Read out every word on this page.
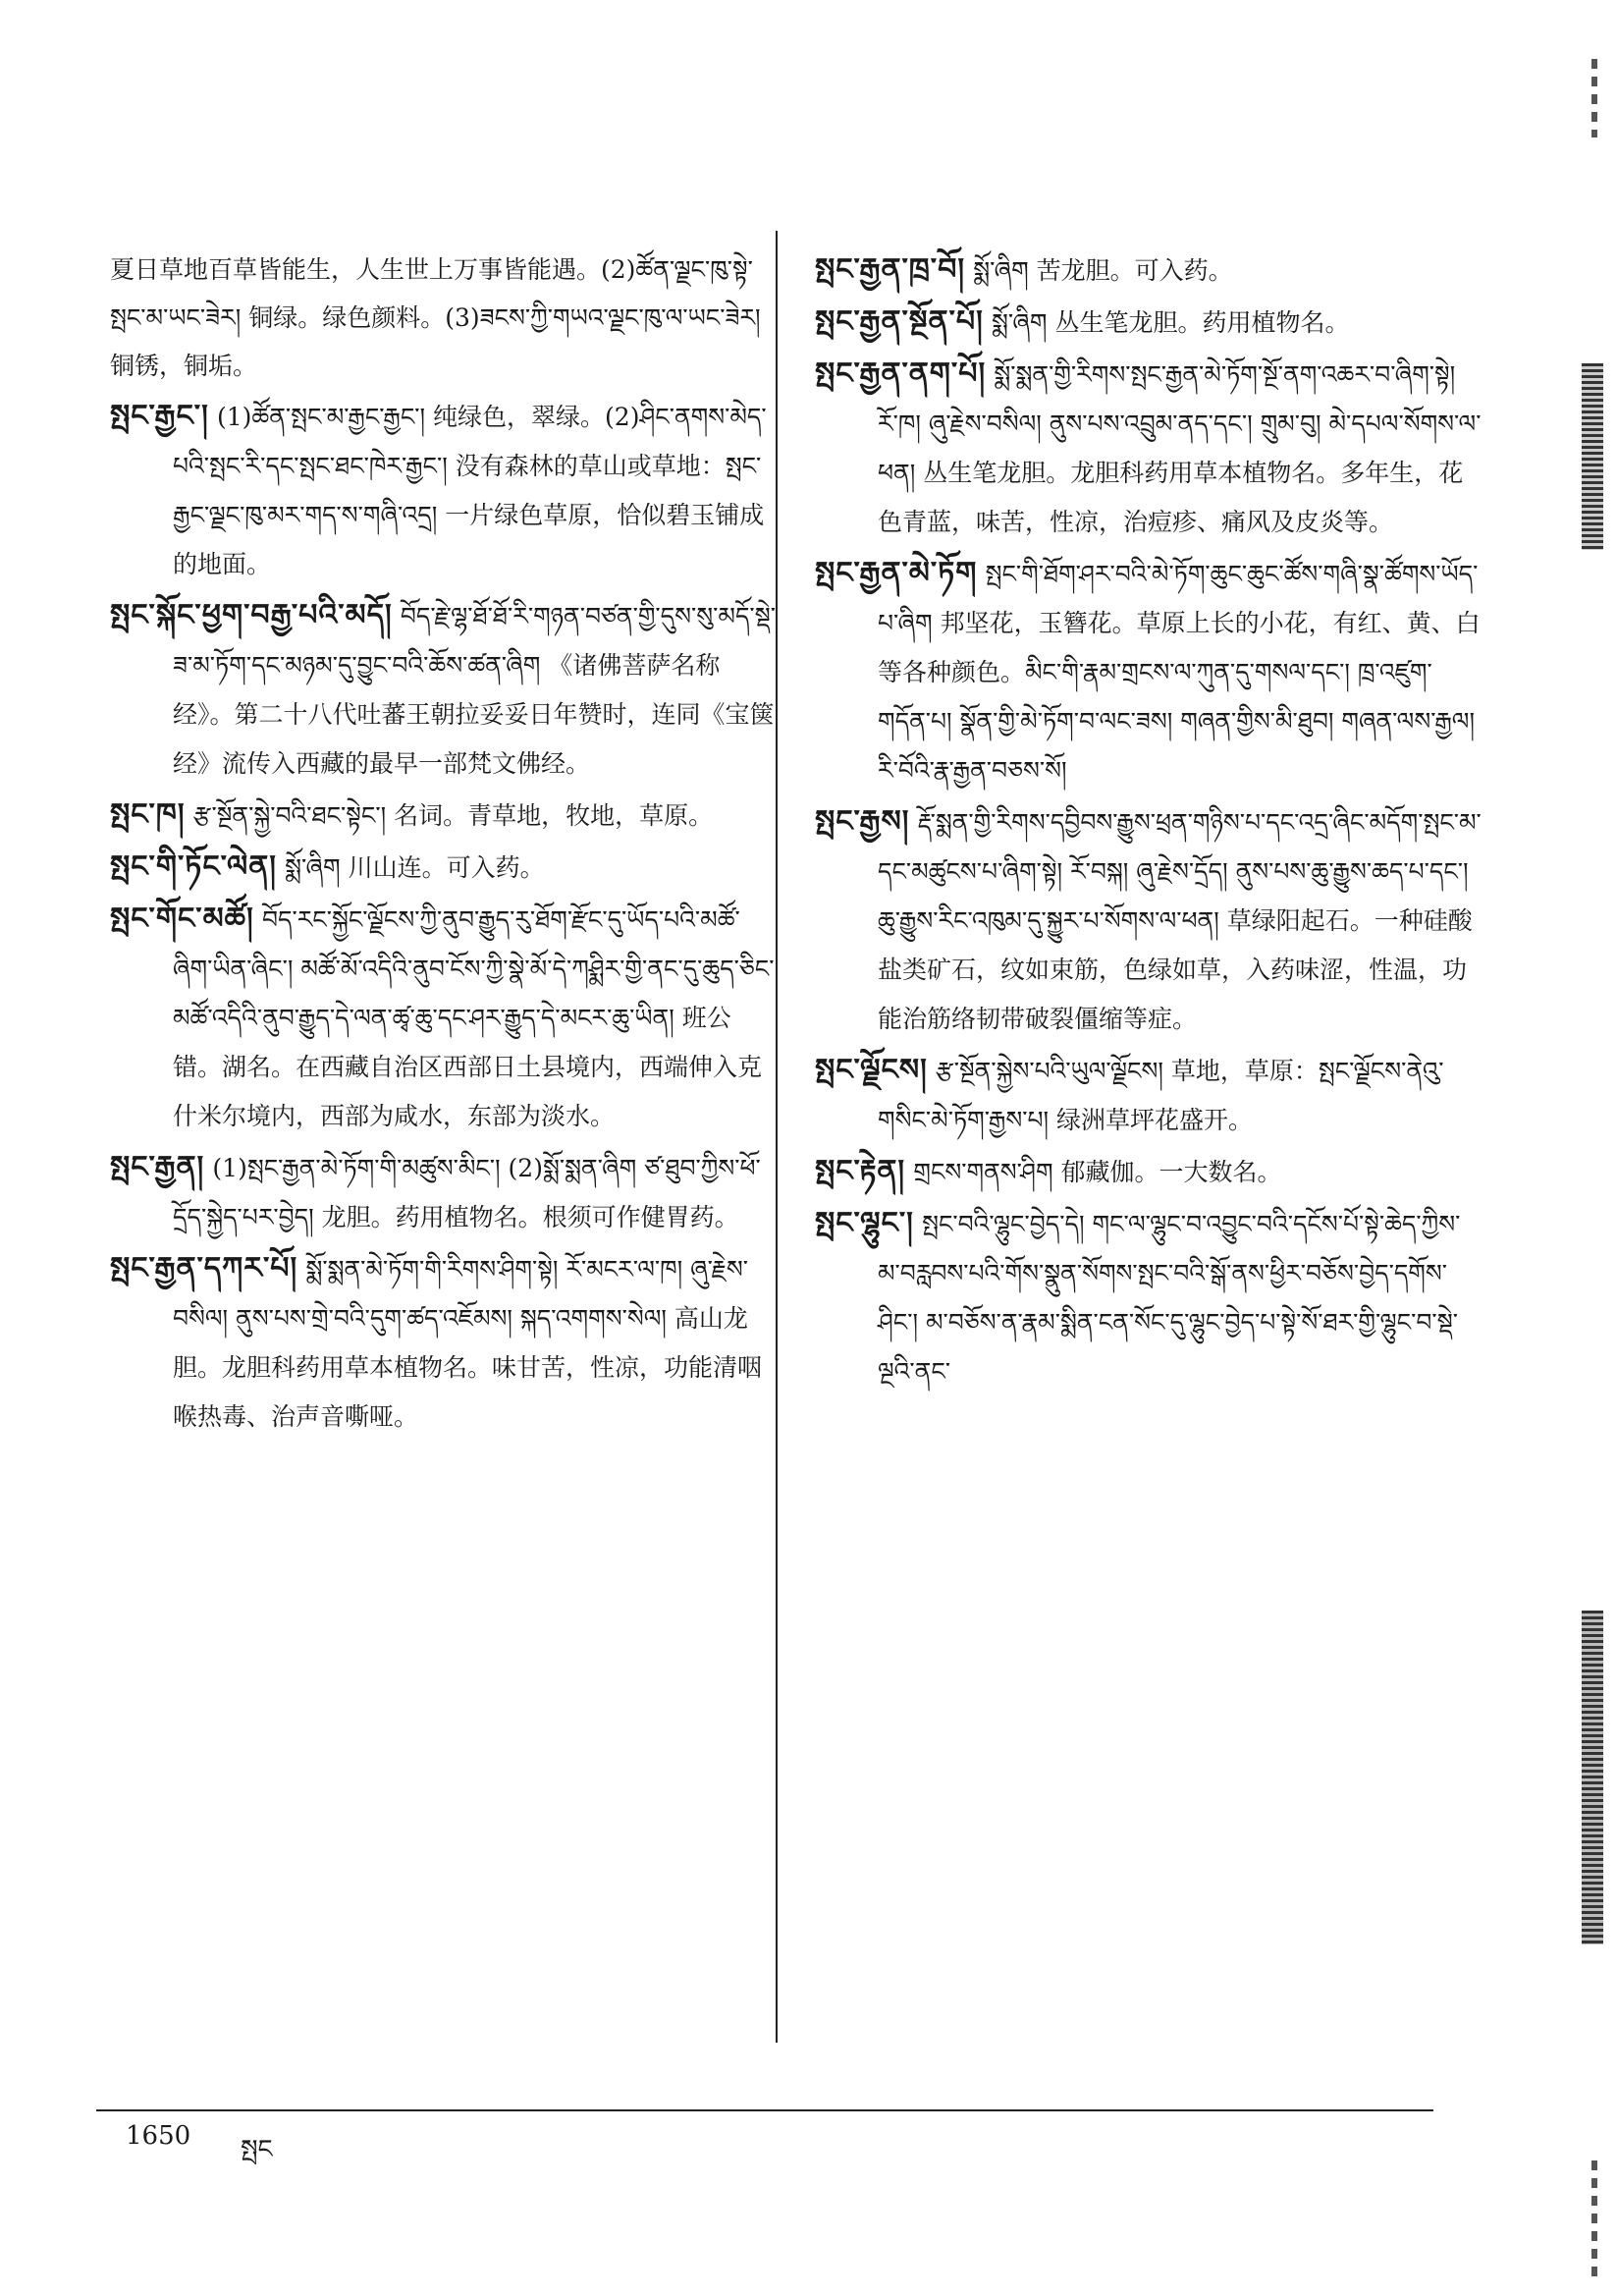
夏日草地百草皆能生，人生世上万事皆能遇。(2)ཚོན་ལྗང་ཁུ་སྟེ་སྤང་མ་ཡང་ཟེར། 铜绿。绿色颜料。(3)ཟངས་ཀྱི་གཡའ་ལྗང་ཁུ་ལ་ཡང་ཟེར། 铜锈，铜垢。

སྤང་རྒྱང་། (1)ཚོན་སྤང་མ་རྒྱང་རྒྱང་། 纯绿色，翠绿。(2)ཤིང་ནགས་མེད་པའི་སྤང་རི་དང་སྤང་ཐང་ཁེར་རྒྱང་། 没有森林的草山或草地：སྤང་རྒྱང་ལྗང་ཁུ་མར་གད་ས་གཞི་འདྲ། 一片绿色草原，恰似碧玉铺成的地面。

སྤང་སྐོང་ཕྱག་བརྒྱ་པའི་མདོ། བོད་རྗེ་ལྷ་ཐོ་ཐོ་རི་གཉན་བཙན་གྱི་དུས་སུ་མདོ་སྡེ་ཟ་མ་ཏོག་དང་མཉམ་དུ་བྱུང་བའི་ཆོས་ཚན་ཞིག 《诸佛菩萨名称经》。第二十八代吐蕃王朝拉妥妥日年赞时，连同《宝箧经》流传入西藏的最早一部梵文佛经。

སྤང་ཁ། རྩ་སྔོན་སྐྱེ་བའི་ཐང་སྟེང་། 名词。青草地，牧地，草原。

སྤང་གི་ཏོང་ལེན། སྨོ་ཞིག 川山连。可入药。

སྤང་གོང་མཚོ། བོད་རང་སྐྱོང་ལྗོངས་ཀྱི་ནུབ་རྒྱུད་རུ་ཐོག་རྫོང་དུ་ཡོད་པའི་མཚོ་ཞིག་ཡིན་ཞིང་། མཚོ་མོ་འདིའི་ནུབ་ངོས་ཀྱི་སྣེ་མོ་དེ་ཀཤྨིར་གྱི་ནང་དུ་ཆུད་ཅིང་མཚོ་འདིའི་ནུབ་རྒྱུད་དེ་ལན་ཚྭ་ཆུ་དང་ཤར་རྒྱུད་དེ་མངར་ཆུ་ཡིན། 班公错。湖名。在西藏自治区西部日土县境内，西端伸入克什米尔境内，西部为咸水，东部为淡水。

སྤང་རྒྱན། (1)སྤང་རྒྱན་མེ་ཏོག་གི་མཚུས་མིང་། (2)སྨོ་སྨན་ཞིག ཙ་ཐུབ་ཀྱིས་ཕོ་དྲོད་སྐྱེད་པར་བྱེད། 龙胆。药用植物名。根须可作健胃药。

སྤང་རྒྱན་དཀར་པོ། སྨོ་སྨན་མེ་ཏོག་གི་རིགས་ཤིག་སྟེ། རོ་མངར་ལ་ཁ། ཞུ་རྗེས་བསིལ། ནུས་པས་གྲེ་བའི་དུག་ཚད་འཇོམས། སྐད་འགགས་སེལ། 高山龙胆。龙胆科药用草本植物名。味甘苦，性凉，功能清咽喉热毒、治声音嘶哑。

སྤང་རྒྱན་ཁྲ་བོ། སྨོ་ཞིག 苦龙胆。可入药。

སྤང་རྒྱན་སྔོན་པོ། སྨོ་ཞིག 丛生笔龙胆。药用植物名。

སྤང་རྒྱན་ནག་པོ། སྨོ་སྨན་གྱི་རིགས་སྤང་རྒྱན་མེ་ཏོག་སྔོ་ནག་འཆར་བ་ཞིག་སྟེ། རོ་ཁ། ཞུ་རྗེས་བསིལ། ནུས་པས་འབྲུམ་ནད་དང་། གྲུམ་བུ། མེ་དཔལ་སོགས་ལ་ཕན། 丛生笔龙胆。龙胆科药用草本植物名。多年生，花色青蓝，味苦，性凉，治痘疹、痛风及皮炎等。

སྤང་རྒྱན་མེ་ཏོག སྤང་གི་ཐོག་ཤར་བའི་མེ་ཏོག་ཆུང་ཆུང་ཚོས་གཞི་སྣ་ཚོགས་ཡོད་པ་ཞིག 邦坚花，玉簪花。草原上长的小花，有红、黄、白等各种颜色。མིང་གི་རྣམ་གྲངས་ལ་ཀུན་དུ་གསལ་དང་། ཁྲ་འཛུག་གདོན་པ། སྣོན་གྱི་མེ་ཏོག་བ་ལང་ཟས། གཞན་གྱིས་མི་ཐུབ། གཞན་ལས་རྒྱལ། རི་བོའི་རྣ་རྒྱན་བཅས་སོ།

སྤང་རྒྱས། རྡོ་སྨན་གྱི་རིགས་དབྱིབས་རྒྱུས་ཕྲན་གཉིས་པ་དང་འདྲ་ཞིང་མདོག་སྤང་མ་དང་མཚུངས་པ་ཞིག་སྟེ། རོ་བསྐ། ཞུ་རྗེས་དྲོད། ནུས་པས་ཆུ་རྒྱུས་ཆད་པ་དང་། ཆུ་རྒྱུས་རིང་འཁུམ་དུ་སྐྱུར་པ་སོགས་ལ་ཕན། 草绿阳起石。一种硅酸盐类矿石，纹如束筋，色绿如草，入药味涩，性温，功能治筋络韧带破裂僵缩等症。

སྤང་ལྗོངས། རྩ་སྔོན་སྐྱེས་པའི་ཡུལ་ལྗོངས། 草地，草原：སྤང་ལྗོངས་ནེའུ་གསིང་མེ་ཏོག་རྒྱས་པ། 绿洲草坪花盛开。

སྤང་རྟེན། གྲངས་གནས་ཤིག 郁藏伽。一大数名。

སྤང་ལྷུང་། སྤང་བའི་ལྷུང་བྱེད་དེ། གང་ལ་ལྷུང་བ་འབྱུང་བའི་དངོས་པོ་སྟེ་ཆེད་ཀྱིས་མ་བརླབས་པའི་གོས་སྣུན་སོགས་སྤང་བའི་སྒོ་ནས་ཕྱིར་བཅོས་བྱེད་དགོས་ཤིང་། མ་བཅོས་ན་རྣམ་སྨིན་ངན་སོང་དུ་ལྷུང་བྱེད་པ་སྟེ་སོ་ཐར་གྱི་ལྷུང་བ་སྡེ་ལྔའི་ནང་

1650 སྤང
